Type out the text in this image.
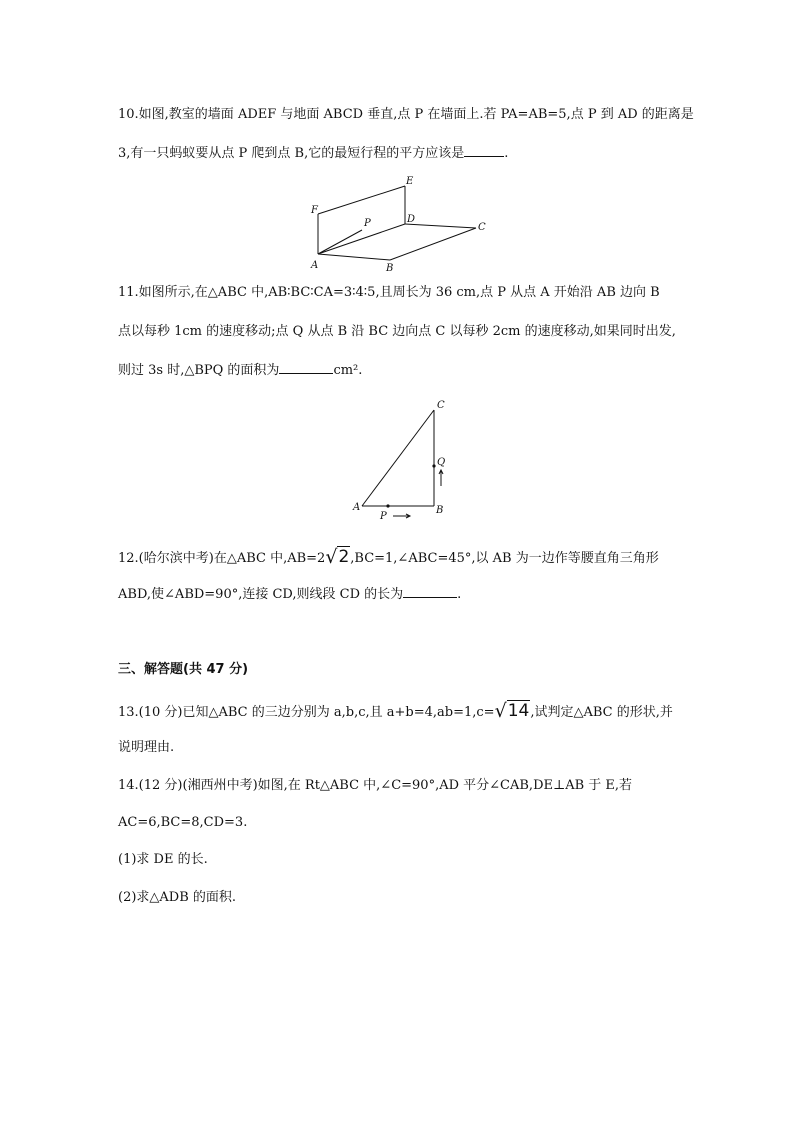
10.如图,教室的墙面 ADEF 与地面 ABCD 垂直,点 P 在墙面上.若 PA=AB=5,点 P 到 AD 的距离是
3,有一只蚂蚁要从点 P 爬到点 B,它的最短行程的平方应该是	.
E
F
P	D
C
A	B
11.如图所示,在△ABC 中,AB∶BC∶CA=3∶4∶5,且周长为 36 cm,点 P 从点 A 开始沿 AB 边向 B
点以每秒 1cm 的速度移动;点 Q 从点 B 沿 BC 边向点 C 以每秒 2cm 的速度移动,如果同时出发,
则过 3s 时,△BPQ 的面积为	cm².
C
Q
A	B
P
12.(哈尔滨中考)在△ABC 中,AB=2√2,BC=1,∠ABC=45°,以 AB 为一边作等腰直角三角形
ABD,使∠ABD=90°,连接 CD,则线段 CD 的长为	.
三、解答题(共 47 分)
13.(10 分)已知△ABC 的三边分别为 a,b,c,且 a+b=4,ab=1,c=√14,试判定△ABC 的形状,并
说明理由.
14.(12 分)(湘西州中考)如图,在 Rt△ABC 中,∠C=90°,AD 平分∠CAB,DE⊥AB 于 E,若
AC=6,BC=8,CD=3.
(1)求 DE 的长.
(2)求△ADB 的面积.
